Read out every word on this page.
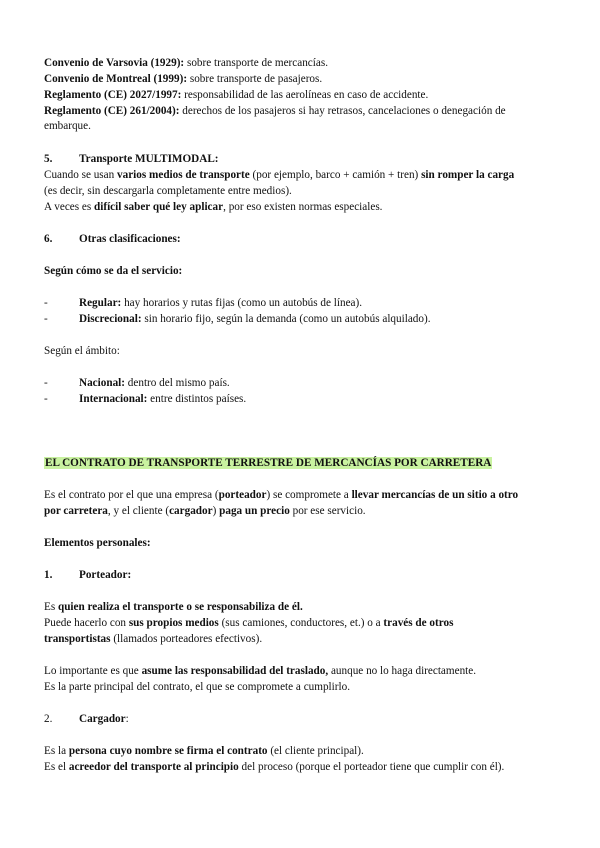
Convenio de Varsovia (1929): sobre transporte de mercancías.
Convenio de Montreal (1999): sobre transporte de pasajeros.
Reglamento (CE) 2027/1997: responsabilidad de las aerolíneas en caso de accidente.
Reglamento (CE) 261/2004): derechos de los pasajeros si hay retrasos, cancelaciones o denegación de
embarque.
5. Transporte MULTIMODAL:
Cuando se usan varios medios de transporte (por ejemplo, barco + camión + tren) sin romper la carga
(es decir, sin descargarla completamente entre medios).
A veces es difícil saber qué ley aplicar, por eso existen normas especiales.
6. Otras clasificaciones:
Según cómo se da el servicio:
-	Regular: hay horarios y rutas fijas (como un autobús de línea).
-	Discrecional: sin horario fijo, según la demanda (como un autobús alquilado).
Según el ámbito:
-	Nacional: dentro del mismo país.
-	Internacional: entre distintos países.
EL CONTRATO DE TRANSPORTE TERRESTRE DE MERCANCÍAS POR CARRETERA
Es el contrato por el que una empresa (porteador) se compromete a llevar mercancías de un sitio a otro
por carretera, y el cliente (cargador) paga un precio por ese servicio.
Elementos personales:
1. Porteador:
Es quien realiza el transporte o se responsabiliza de él.
Puede hacerlo con sus propios medios (sus camiones, conductores, et.) o a través de otros
transportistas (llamados porteadores efectivos).
Lo importante es que asume las responsabilidad del traslado, aunque no lo haga directamente.
Es la parte principal del contrato, el que se compromete a cumplirlo.
2. Cargador:
Es la persona cuyo nombre se firma el contrato (el cliente principal).
Es el acreedor del transporte al principio del proceso (porque el porteador tiene que cumplir con él).
